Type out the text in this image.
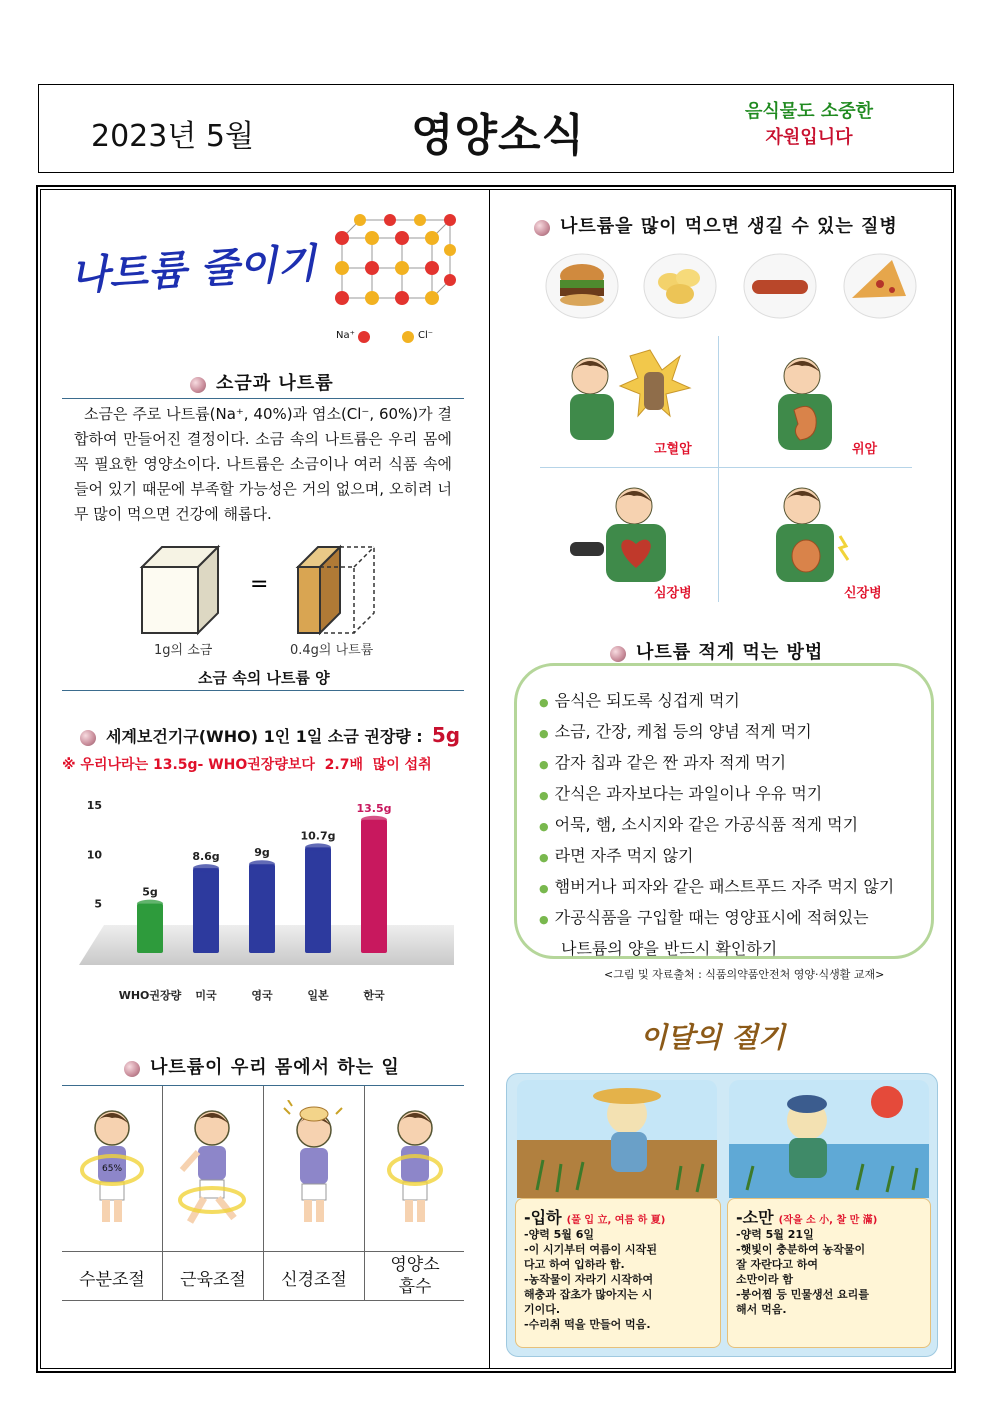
2023년 5월	영양소식	음식물도 소중한
자원입니다
나트륨 줄이기
Na⁺	Cl⁻
소금과 나트륨
소금은 주로 나트륨(Na⁺, 40%)과 염소(Cl⁻, 60%)가 결합하여 만들어진 결정이다. 소금 속의 나트륨은 우리 몸에 꼭 필요한 영양소이다. 나트륨은 소금이나 여러 식품 속에 들어 있기 때문에 부족할 가능성은 거의 없으며, 오히려 너무 많이 먹으면 건강에 해롭다.
=
1g의 소금	0.4g의 나트륨
소금 속의 나트륨 양
세계보건기구(WHO) 1인 1일 소금 권장량 : 5g
※ 우리나라는 13.5g- WHO권장량보다  2.7배  많이 섭취
5
10
15
5g
WHO권장량
8.6g
미국
9g
영국
10.7g
일본
13.5g
한국
나트륨이 우리 몸에서 하는 일
65%
수분조절	근육조절	신경조절
영양소 흡수
나트륨을 많이 먹으면 생길 수 있는 질병
고혈압	위암
심장병	신장병
나트륨 적게 먹는 방법
● 음식은 되도록 싱겁게 먹기
● 소금, 간장, 케첩 등의 양념 적게 먹기
● 감자 칩과 같은 짠 과자 적게 먹기
● 간식은 과자보다는 과일이나 우유 먹기
● 어묵, 햄, 소시지와 같은 가공식품 적게 먹기
● 라면 자주 먹지 않기
● 햄버거나 피자와 같은 패스트푸드 자주 먹지 않기
● 가공식품을 구입할 때는 영양표시에 적혀있는
나트륨의 양을 반드시 확인하기
<그림 및 자료출처 : 식품의약품안전처 영양·식생활 교재>
이달의 절기
-입하 (풀 입 立, 여름 하 夏)
-양력 5월 6일
-이 시기부터 여름이 시작된
다고 하여 입하라 함.
-농작물이 자라기 시작하여
해충과 잡초가 많아지는 시
기이다.
-수리취 떡을 만들어 먹음.
-소만 (작을 소 小, 찰 만 滿)
-양력 5월 21일
-햇빛이 충분하여 농작물이
잘 자란다고 하여
소만이라 함
-붕어찜 등 민물생선 요리를
해서 먹음.
